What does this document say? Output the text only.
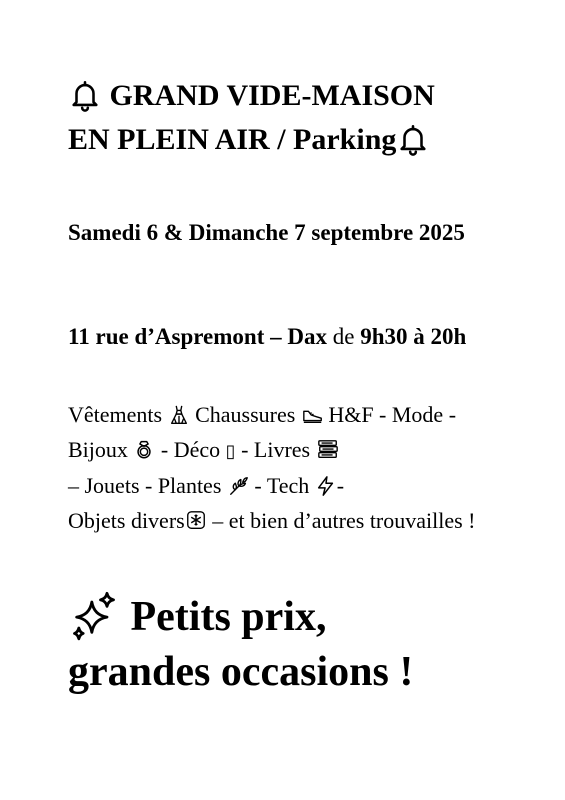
GRAND VIDE-MAISON
EN PLEIN AIR / Parking

Samedi 6 & Dimanche 7 septembre 2025

11 rue d’Aspremont – Dax de 9h30 à 20h

Vêtements Chaussures H&F - Mode - Bijoux
- Déco ▯ - Livres

– Jouets - Plantes
- Tech -
Objets divers
– et bien d’autres trouvailles !

Petits prix,
grandes occasions !
